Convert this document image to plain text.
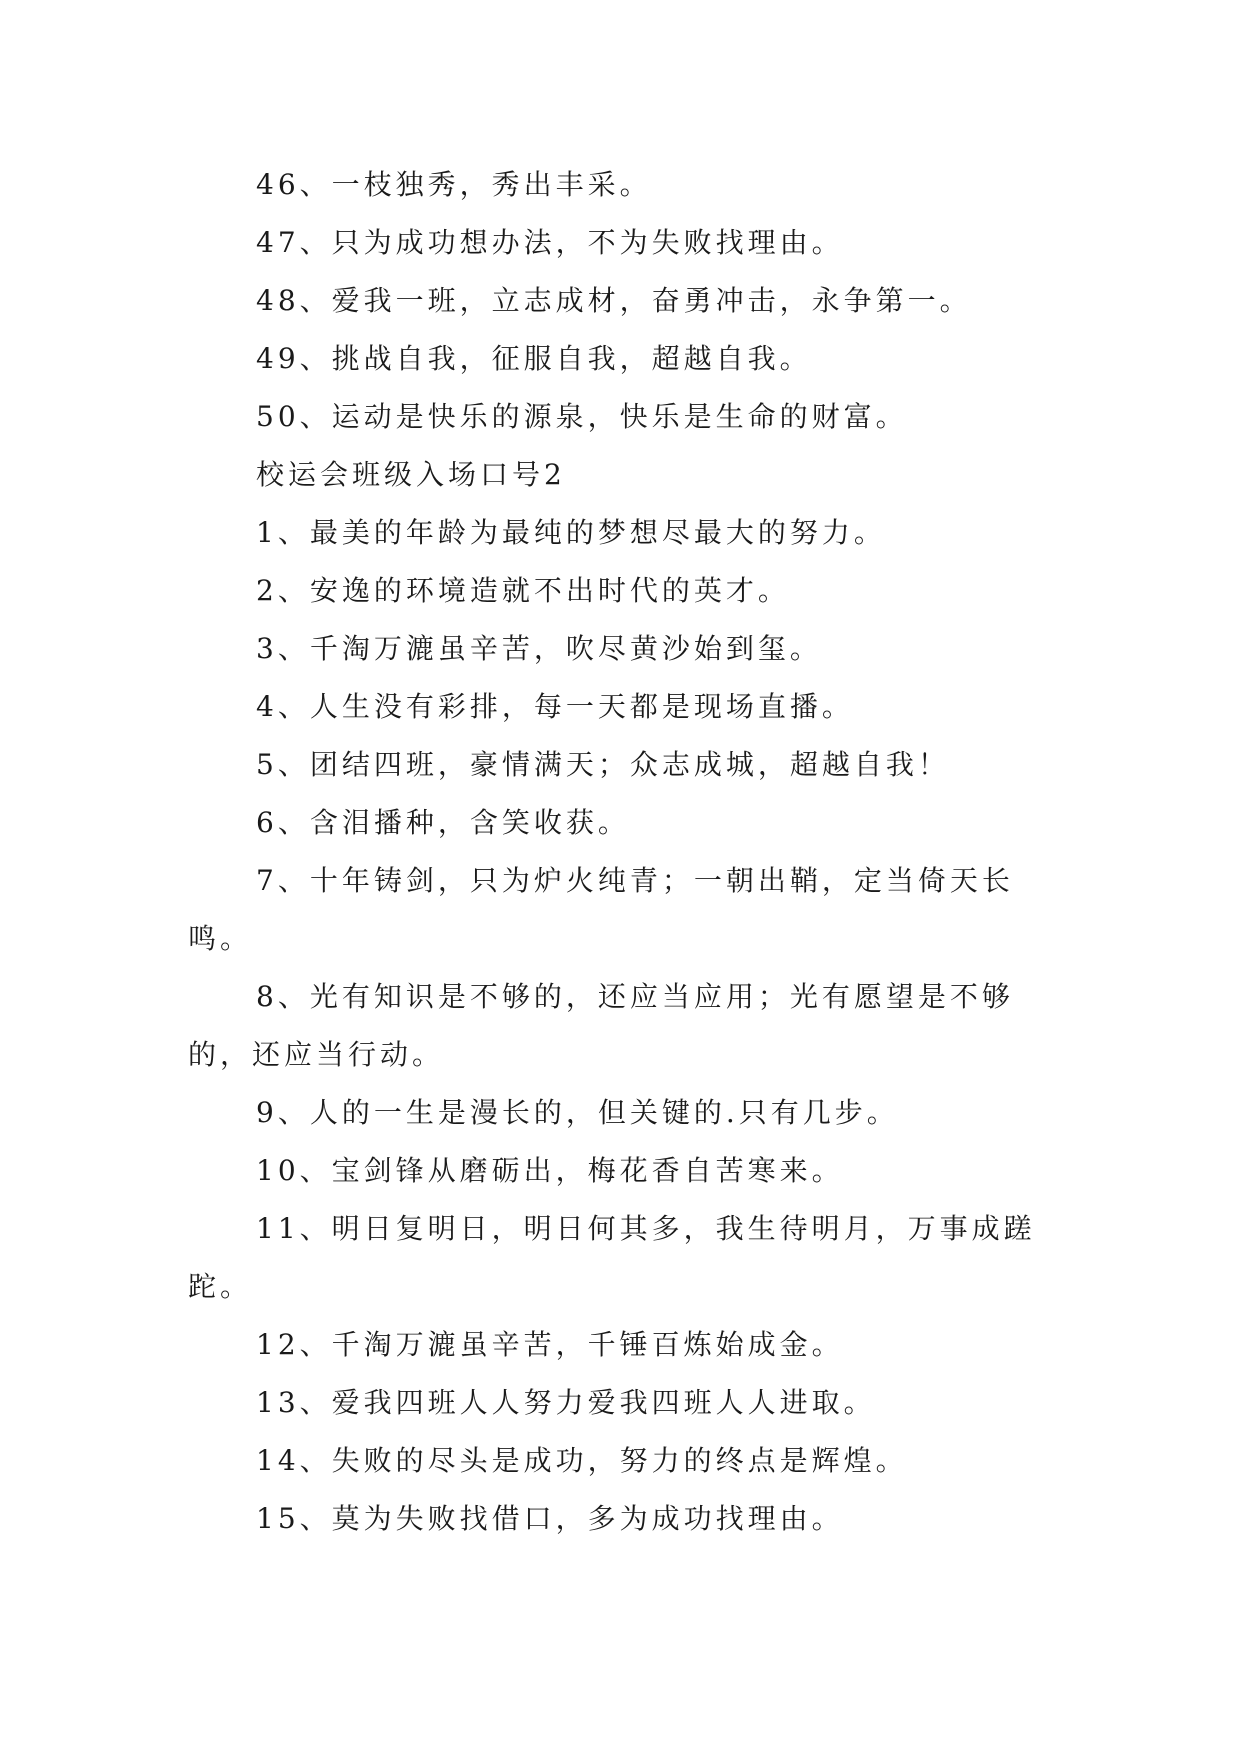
46、一枝独秀，秀出丰采。

47、只为成功想办法，不为失败找理由。

48、爱我一班，立志成材，奋勇冲击，永争第一。

49、挑战自我，征服自我，超越自我。

50、运动是快乐的源泉，快乐是生命的财富。

校运会班级入场口号2

1、最美的年龄为最纯的梦想尽最大的努力。

2、安逸的环境造就不出时代的英才。

3、千淘万漉虽辛苦，吹尽黄沙始到玺。

4、人生没有彩排，每一天都是现场直播。

5、团结四班，豪情满天；众志成城，超越自我！

6、含泪播种，含笑收获。

7、十年铸剑，只为炉火纯青；一朝出鞘，定当倚天长鸣。

8、光有知识是不够的，还应当应用；光有愿望是不够的，还应当行动。

9、人的一生是漫长的，但关键的.只有几步。

10、宝剑锋从磨砺出，梅花香自苦寒来。

11、明日复明日，明日何其多，我生待明月，万事成蹉跎。

12、千淘万漉虽辛苦，千锤百炼始成金。

13、爱我四班人人努力爱我四班人人进取。

14、失败的尽头是成功，努力的终点是辉煌。

15、莫为失败找借口，多为成功找理由。
